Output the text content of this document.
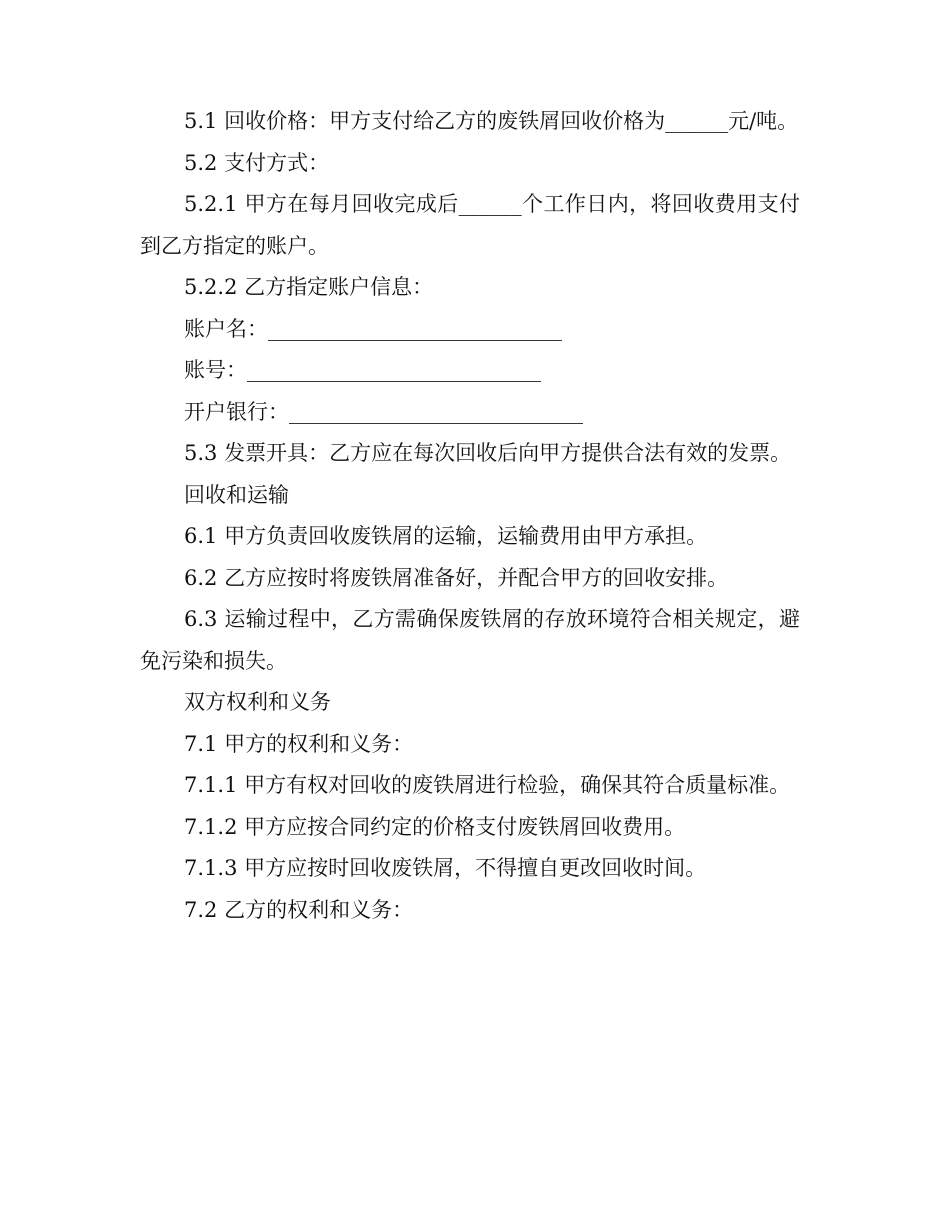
5.1 回收价格：甲方支付给乙方的废铁屑回收价格为______元/吨。

5.2 支付方式：

5.2.1 甲方在每月回收完成后______个工作日内，将回收费用支付到乙方指定的账户。

5.2.2 乙方指定账户信息：

账户名：____________________________

账号：____________________________

开户银行：____________________________

5.3 发票开具：乙方应在每次回收后向甲方提供合法有效的发票。

回收和运输

6.1 甲方负责回收废铁屑的运输，运输费用由甲方承担。

6.2 乙方应按时将废铁屑准备好，并配合甲方的回收安排。

6.3 运输过程中，乙方需确保废铁屑的存放环境符合相关规定，避免污染和损失。

双方权利和义务

7.1 甲方的权利和义务：

7.1.1 甲方有权对回收的废铁屑进行检验，确保其符合质量标准。

7.1.2 甲方应按合同约定的价格支付废铁屑回收费用。

7.1.3 甲方应按时回收废铁屑，不得擅自更改回收时间。

7.2 乙方的权利和义务：
